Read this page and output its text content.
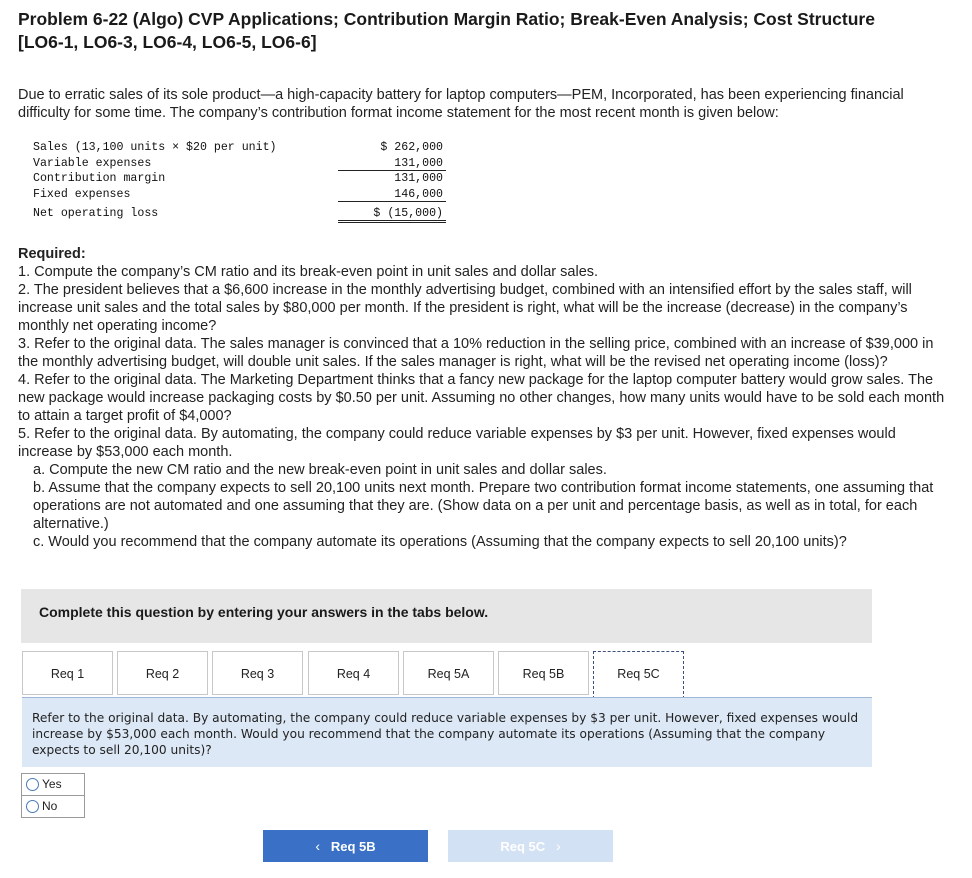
Problem 6-22 (Algo) CVP Applications; Contribution Margin Ratio; Break-Even Analysis; Cost Structure
[LO6-1, LO6-3, LO6-4, LO6-5, LO6-6]
Due to erratic sales of its sole product—a high-capacity battery for laptop computers—PEM, Incorporated, has been experiencing financial difficulty for some time. The company’s contribution format income statement for the most recent month is given below:
Sales (13,100 units × $20 per unit)	$ 262,000
Variable expenses	131,000
Contribution margin	131,000
Fixed expenses	146,000
Net operating loss	$ (15,000)
Required:
1. Compute the company’s CM ratio and its break-even point in unit sales and dollar sales.
2. The president believes that a $6,600 increase in the monthly advertising budget, combined with an intensified effort by the sales staff, will increase unit sales and the total sales by $80,000 per month. If the president is right, what will be the increase (decrease) in the company’s monthly net operating income?
3. Refer to the original data. The sales manager is convinced that a 10% reduction in the selling price, combined with an increase of $39,000 in the monthly advertising budget, will double unit sales. If the sales manager is right, what will be the revised net operating income (loss)?
4. Refer to the original data. The Marketing Department thinks that a fancy new package for the laptop computer battery would grow sales. The new package would increase packaging costs by $0.50 per unit. Assuming no other changes, how many units would have to be sold each month to attain a target profit of $4,000?
5. Refer to the original data. By automating, the company could reduce variable expenses by $3 per unit. However, fixed expenses would increase by $53,000 each month.
a. Compute the new CM ratio and the new break-even point in unit sales and dollar sales.
b. Assume that the company expects to sell 20,100 units next month. Prepare two contribution format income statements, one assuming that operations are not automated and one assuming that they are. (Show data on a per unit and percentage basis, as well as in total, for each alternative.)
c. Would you recommend that the company automate its operations (Assuming that the company expects to sell 20,100 units)?
Complete this question by entering your answers in the tabs below.
Req 1	Req 2	Req 3	Req 4	Req 5A	Req 5B	Req 5C
Refer to the original data. By automating, the company could reduce variable expenses by $3 per unit. However, fixed expenses would increase by $53,000 each month. Would you recommend that the company automate its operations (Assuming that the company expects to sell 20,100 units)?
Yes
No
‹ Req 5B	Req 5C ›
